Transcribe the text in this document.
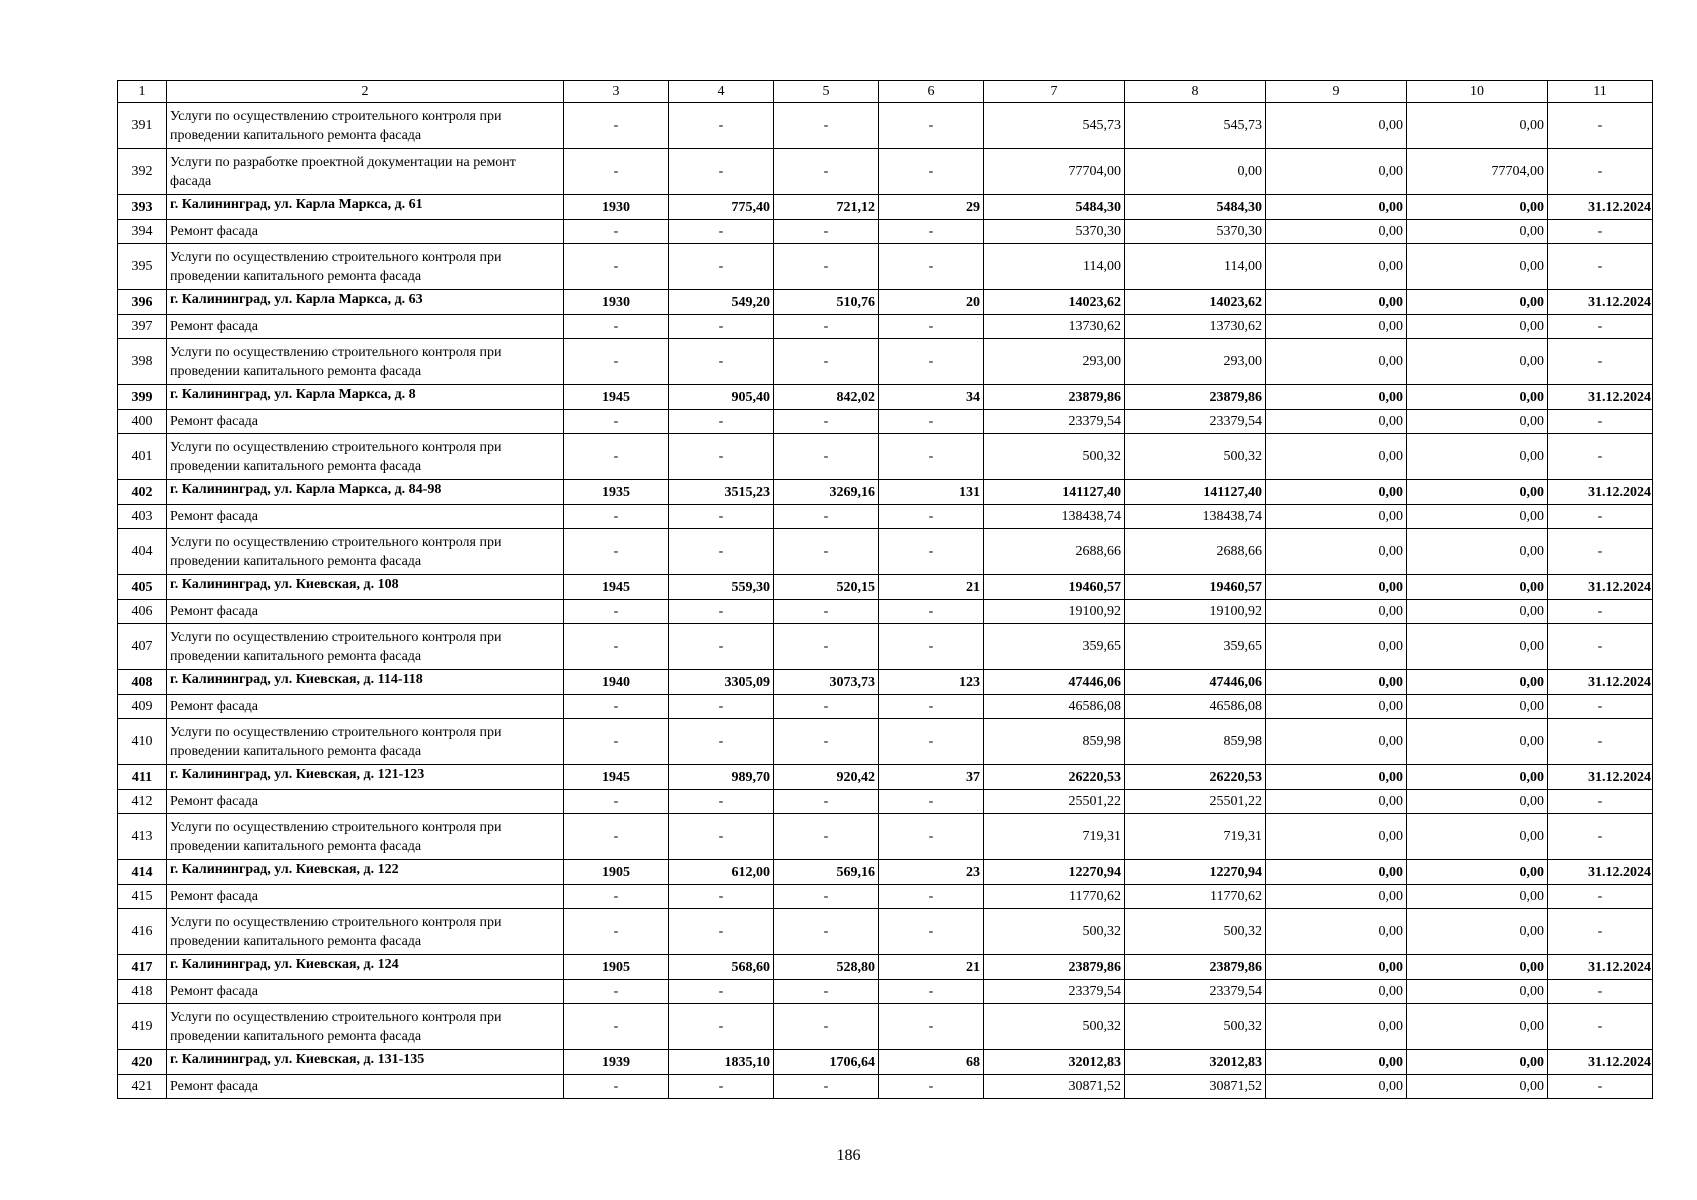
1	2	3	4	5	6	7	8	9	10	11
391	Услуги по осуществлению строительного контроля при проведении капитального ремонта фасада	-	-	-	-	545,73	545,73	0,00	0,00	-
392	Услуги по разработке проектной документации на ремонт фасада	-	-	-	-	77704,00	0,00	0,00	77704,00	-
393	г. Калининград, ул. Карла Маркса, д. 61	1930	775,40	721,12	29	5484,30	5484,30	0,00	0,00	31.12.2024
394	Ремонт фасада	-	-	-	-	5370,30	5370,30	0,00	0,00	-
395	Услуги по осуществлению строительного контроля при проведении капитального ремонта фасада	-	-	-	-	114,00	114,00	0,00	0,00	-
396	г. Калининград, ул. Карла Маркса, д. 63	1930	549,20	510,76	20	14023,62	14023,62	0,00	0,00	31.12.2024
397	Ремонт фасада	-	-	-	-	13730,62	13730,62	0,00	0,00	-
398	Услуги по осуществлению строительного контроля при проведении капитального ремонта фасада	-	-	-	-	293,00	293,00	0,00	0,00	-
399	г. Калининград, ул. Карла Маркса, д. 8	1945	905,40	842,02	34	23879,86	23879,86	0,00	0,00	31.12.2024
400	Ремонт фасада	-	-	-	-	23379,54	23379,54	0,00	0,00	-
401	Услуги по осуществлению строительного контроля при проведении капитального ремонта фасада	-	-	-	-	500,32	500,32	0,00	0,00	-
402	г. Калининград, ул. Карла Маркса, д. 84-98	1935	3515,23	3269,16	131	141127,40	141127,40	0,00	0,00	31.12.2024
403	Ремонт фасада	-	-	-	-	138438,74	138438,74	0,00	0,00	-
404	Услуги по осуществлению строительного контроля при проведении капитального ремонта фасада	-	-	-	-	2688,66	2688,66	0,00	0,00	-
405	г. Калининград, ул. Киевская, д. 108	1945	559,30	520,15	21	19460,57	19460,57	0,00	0,00	31.12.2024
406	Ремонт фасада	-	-	-	-	19100,92	19100,92	0,00	0,00	-
407	Услуги по осуществлению строительного контроля при проведении капитального ремонта фасада	-	-	-	-	359,65	359,65	0,00	0,00	-
408	г. Калининград, ул. Киевская, д. 114-118	1940	3305,09	3073,73	123	47446,06	47446,06	0,00	0,00	31.12.2024
409	Ремонт фасада	-	-	-	-	46586,08	46586,08	0,00	0,00	-
410	Услуги по осуществлению строительного контроля при проведении капитального ремонта фасада	-	-	-	-	859,98	859,98	0,00	0,00	-
411	г. Калининград, ул. Киевская, д. 121-123	1945	989,70	920,42	37	26220,53	26220,53	0,00	0,00	31.12.2024
412	Ремонт фасада	-	-	-	-	25501,22	25501,22	0,00	0,00	-
413	Услуги по осуществлению строительного контроля при проведении капитального ремонта фасада	-	-	-	-	719,31	719,31	0,00	0,00	-
414	г. Калининград, ул. Киевская, д. 122	1905	612,00	569,16	23	12270,94	12270,94	0,00	0,00	31.12.2024
415	Ремонт фасада	-	-	-	-	11770,62	11770,62	0,00	0,00	-
416	Услуги по осуществлению строительного контроля при проведении капитального ремонта фасада	-	-	-	-	500,32	500,32	0,00	0,00	-
417	г. Калининград, ул. Киевская, д. 124	1905	568,60	528,80	21	23879,86	23879,86	0,00	0,00	31.12.2024
418	Ремонт фасада	-	-	-	-	23379,54	23379,54	0,00	0,00	-
419	Услуги по осуществлению строительного контроля при проведении капитального ремонта фасада	-	-	-	-	500,32	500,32	0,00	0,00	-
420	г. Калининград, ул. Киевская, д. 131-135	1939	1835,10	1706,64	68	32012,83	32012,83	0,00	0,00	31.12.2024
421	Ремонт фасада	-	-	-	-	30871,52	30871,52	0,00	0,00	-
186
